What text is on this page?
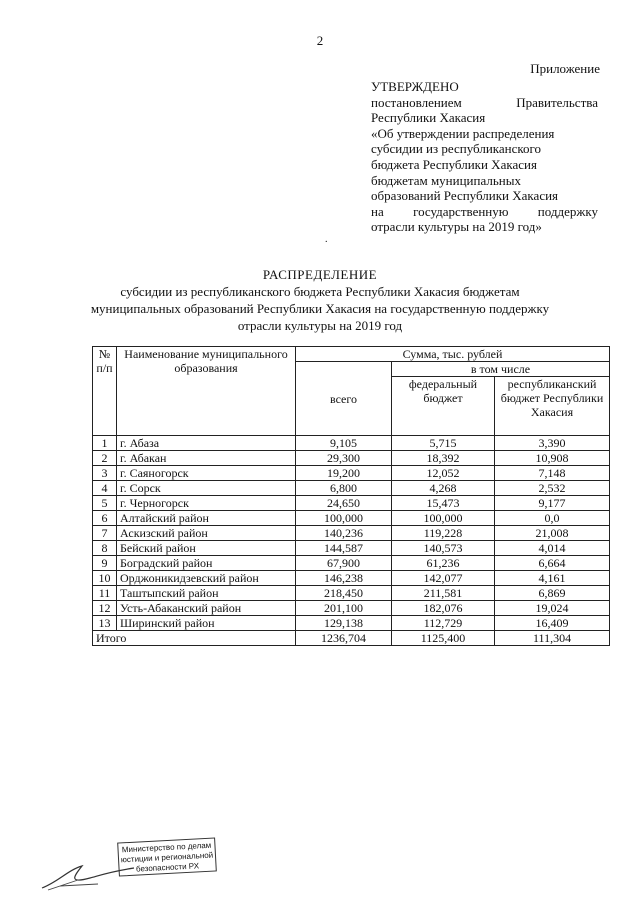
2
Приложение
УТВЕРЖДЕНО
постановлением	Правительства
Республики Хакасия
«Об утверждении распределения
субсидии из республиканского
бюджета Республики Хакасия
бюджетам муниципальных
образований Республики Хакасия
на государственную поддержку
отрасли культуры на 2019 год»
.
РАСПРЕДЕЛЕНИЕ
субсидии из республиканского бюджета Республики Хакасия бюджетам
муниципальных образований Республики Хакасия на государственную поддержку
отрасли культуры на 2019 год
№ п/п	Наименование муниципального образования	Сумма, тыс. рублей		
		всего	в том числе	
			федеральный бюджет	республиканский бюджет Республики Хакасия
1	г. Абаза	9,105	5,715	3,390
2	г. Абакан	29,300	18,392	10,908
3	г. Саяногорск	19,200	12,052	7,148
4	г. Сорск	6,800	4,268	2,532
5	г. Черногорск	24,650	15,473	9,177
6	Алтайский район	100,000	100,000	0,0
7	Аскизский район	140,236	119,228	21,008
8	Бейский район	144,587	140,573	4,014
9	Боградский район	67,900	61,236	6,664
10	Орджоникидзевский район	146,238	142,077	4,161
11	Таштыпский район	218,450	211,581	6,869
12	Усть-Абаканский район	201,100	182,076	19,024
13	Ширинский район	129,138	112,729	16,409
Итого		1236,704	1125,400	111,304
Министерство по делам
юстиции и региональной
безопасности РХ
